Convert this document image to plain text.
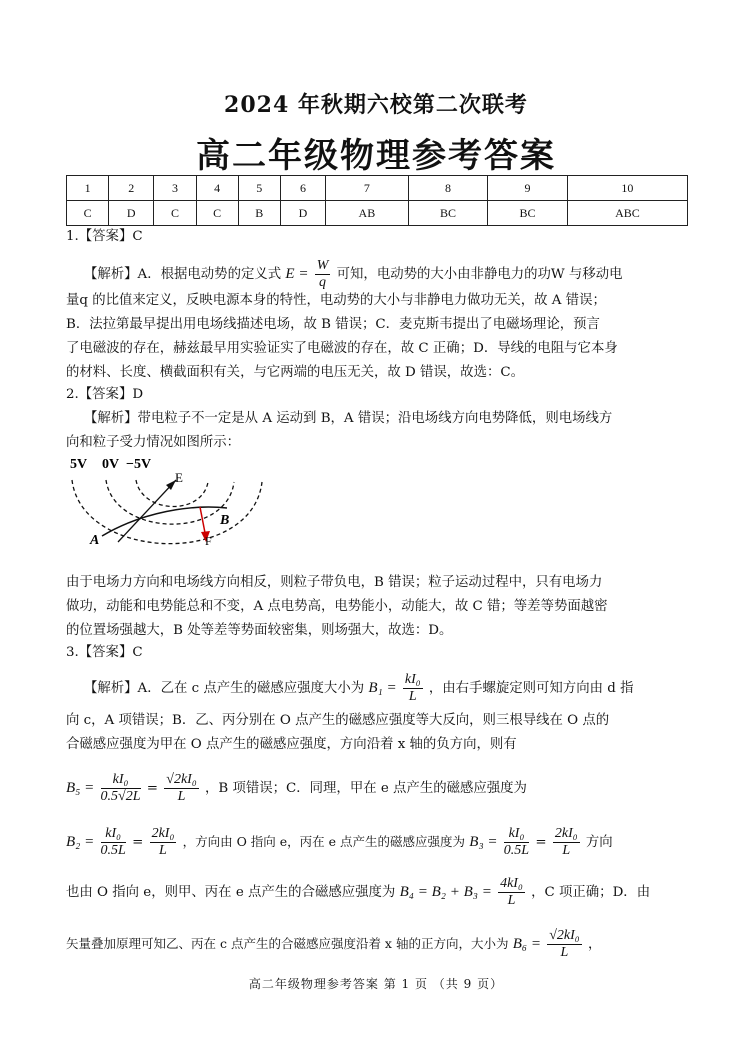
2024 年秋期六校第二次联考
高二年级物理参考答案
1	2	3	4	5	6	7	8	9	10
C	D	C	C	B	D	AB	BC	BC	ABC
1.【答案】C
【解析】A．根据电动势的定义式 $E = \frac{W}{q}$ 可知，电动势的大小由非静电力的功W 与移动电
量q 的比值来定义，反映电源本身的特性，电动势的大小与非静电力做功无关，故 A 错误；
B．法拉第最早提出用电场线描述电场，故 B 错误；C．麦克斯韦提出了电磁场理论，预言
了电磁波的存在，赫兹最早用实验证实了电磁波的存在，故 C 正确；D．导线的电阻与它本身
的材料、长度、横截面积有关，与它两端的电压无关，故 D 错误，故选：C。
2.【答案】D
【解析】带电粒子不一定是从 A 运动到 B，A 错误；沿电场线方向电势降低，则电场线方
向和粒子受力情况如图所示：
5V 0V −5V
E
B
A	F
由于电场力方向和电场线方向相反，则粒子带负电，B 错误；粒子运动过程中，只有电场力
做功，动能和电势能总和不变，A 点电势高，电势能小，动能大，故 C 错；等差等势面越密
的位置场强越大，B 处等差等势面较密集，则场强大，故选：D。
3.【答案】C
【解析】A．乙在 c 点产生的磁感应强度大小为 $B_1 = \frac{\text{kI₀}}{L}$ ，由右手螺旋定则可知方向由 d 指
向 c，A 项错误；B．乙、丙分别在 O 点产生的磁感应强度等大反向，则三根导线在 O 点的
合磁感应强度为甲在 O 点产生的磁感应强度，方向沿着 x 轴的负方向，则有
$B_5 = \frac{\text{kI₀}}{0.5√2L} = \frac{\text{√2kI₀}}{L}$ ，B 项错误；C．同理，甲在 e 点产生的磁感应强度为
$B_2 = \frac{\text{kI₀}}{0.5L} = \frac{\text{2kI₀}}{L}$ ，方向由 O 指向 e，丙在 e 点产生的磁感应强度为 $B_3 = \frac{\text{kI₀}}{0.5L} = \frac{\text{2kI₀}}{L}$ 方向
也由 O 指向 e，则甲、丙在 e 点产生的合磁感应强度为 $B_4 = B_2 + B_3 = \frac{\text{4kI₀}}{L}$ ，C 项正确；D．由
矢量叠加原理可知乙、丙在 c 点产生的合磁感应强度沿着 x 轴的正方向，大小为 $B_6 = \frac{\text{√2kI₀}}{L}$ ，
高二年级物理参考答案 第 1 页 （共 9 页）
